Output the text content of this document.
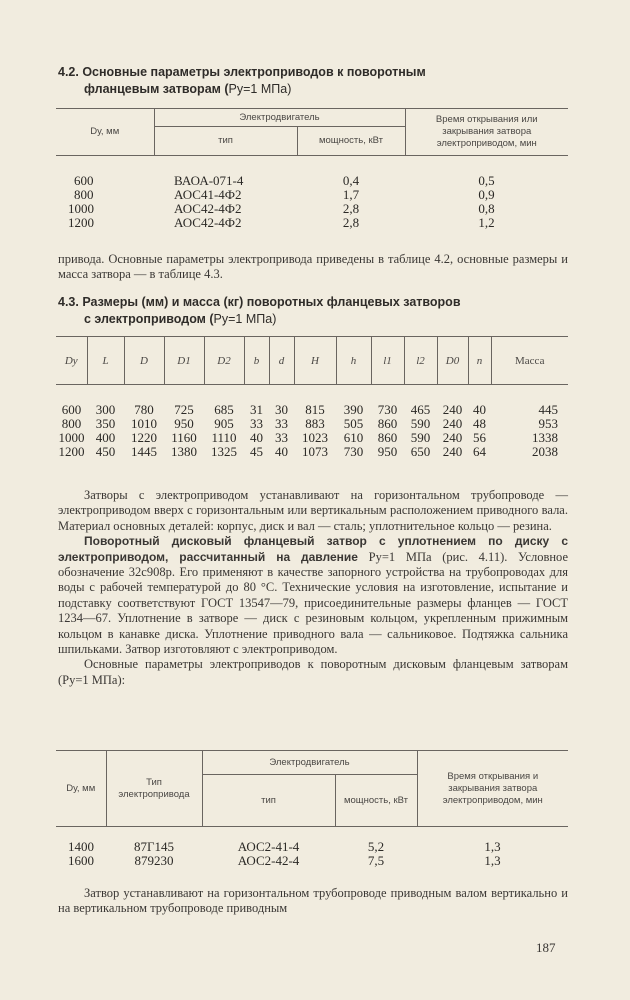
4.2. Основные параметры электроприводов к поворотным
фланцевым затворам (Pу=1 МПа)
Dу, мм	Электродвигатель		Время открывания или закрывания затвора электроприводом, мин
	тип	мощность, кВт	

600	ВАОА-071-4	0,4	0,5
800	АОС41-4Ф2	1,7	0,9
1000	АОС42-4Ф2	2,8	0,8
1200	АОС42-4Ф2	2,8	1,2

привода. Основные параметры электропривода приведены в таблице 4.2, основные размеры и масса затвора — в таблице 4.3.

4.3. Размеры (мм) и масса (кг) поворотных фланцевых затворов
с электроприводом (Pу=1 МПа)
Dу	L	D	D1	D2	b	d	H	h	l1	l2	D0	n	Масса

600	300	780	725	685	31	30	815	390	730	465	240	40	445
800	350	1010	950	905	33	33	883	505	860	590	240	48	953
1000	400	1220	1160	1110	40	33	1023	610	860	590	240	56	1338
1200	450	1445	1380	1325	45	40	1073	730	950	650	240	64	2038

Затворы с электроприводом устанавливают на горизонтальном трубопроводе — электроприводом вверх с горизонтальным или вертикальным расположением приводного вала. Материал основных деталей: корпус, диск и вал — сталь; уплотнительное кольцо — резина.

Поворотный дисковый фланцевый затвор с уплотнением по диску с электроприводом, рассчитанный на давление Pу=1 МПа (рис. 4.11). Условное обозначение 32с908р. Его применяют в качестве запорного устройства на трубопроводах для воды с рабочей температурой до 80 °С. Технические условия на изготовление, испытание и подставку соответствуют ГОСТ 13547—79, присоединительные размеры фланцев — ГОСТ 1234—67. Уплотнение в затворе — диск с резиновым кольцом, укрепленным прижимным кольцом в канавке диска. Уплотнение приводного вала — сальниковое. Подтяжка сальника шпильками. Затвор изготовляют с электроприводом.

Основные параметры электроприводов к поворотным дисковым фланцевым затворам (Pу=1 МПа):

Dу, мм	Тип электропривода	Электродвигатель		Время открывания и закрывания затвора электроприводом, мин
		тип	мощность, кВт	

1400	87Г145	АОС2-41-4	5,2	1,3
1600	879230	АОС2-42-4	7,5	1,3

Затвор устанавливают на горизонтальном трубопроводе приводным валом вертикально и на вертикальном трубопроводе приводным

187
